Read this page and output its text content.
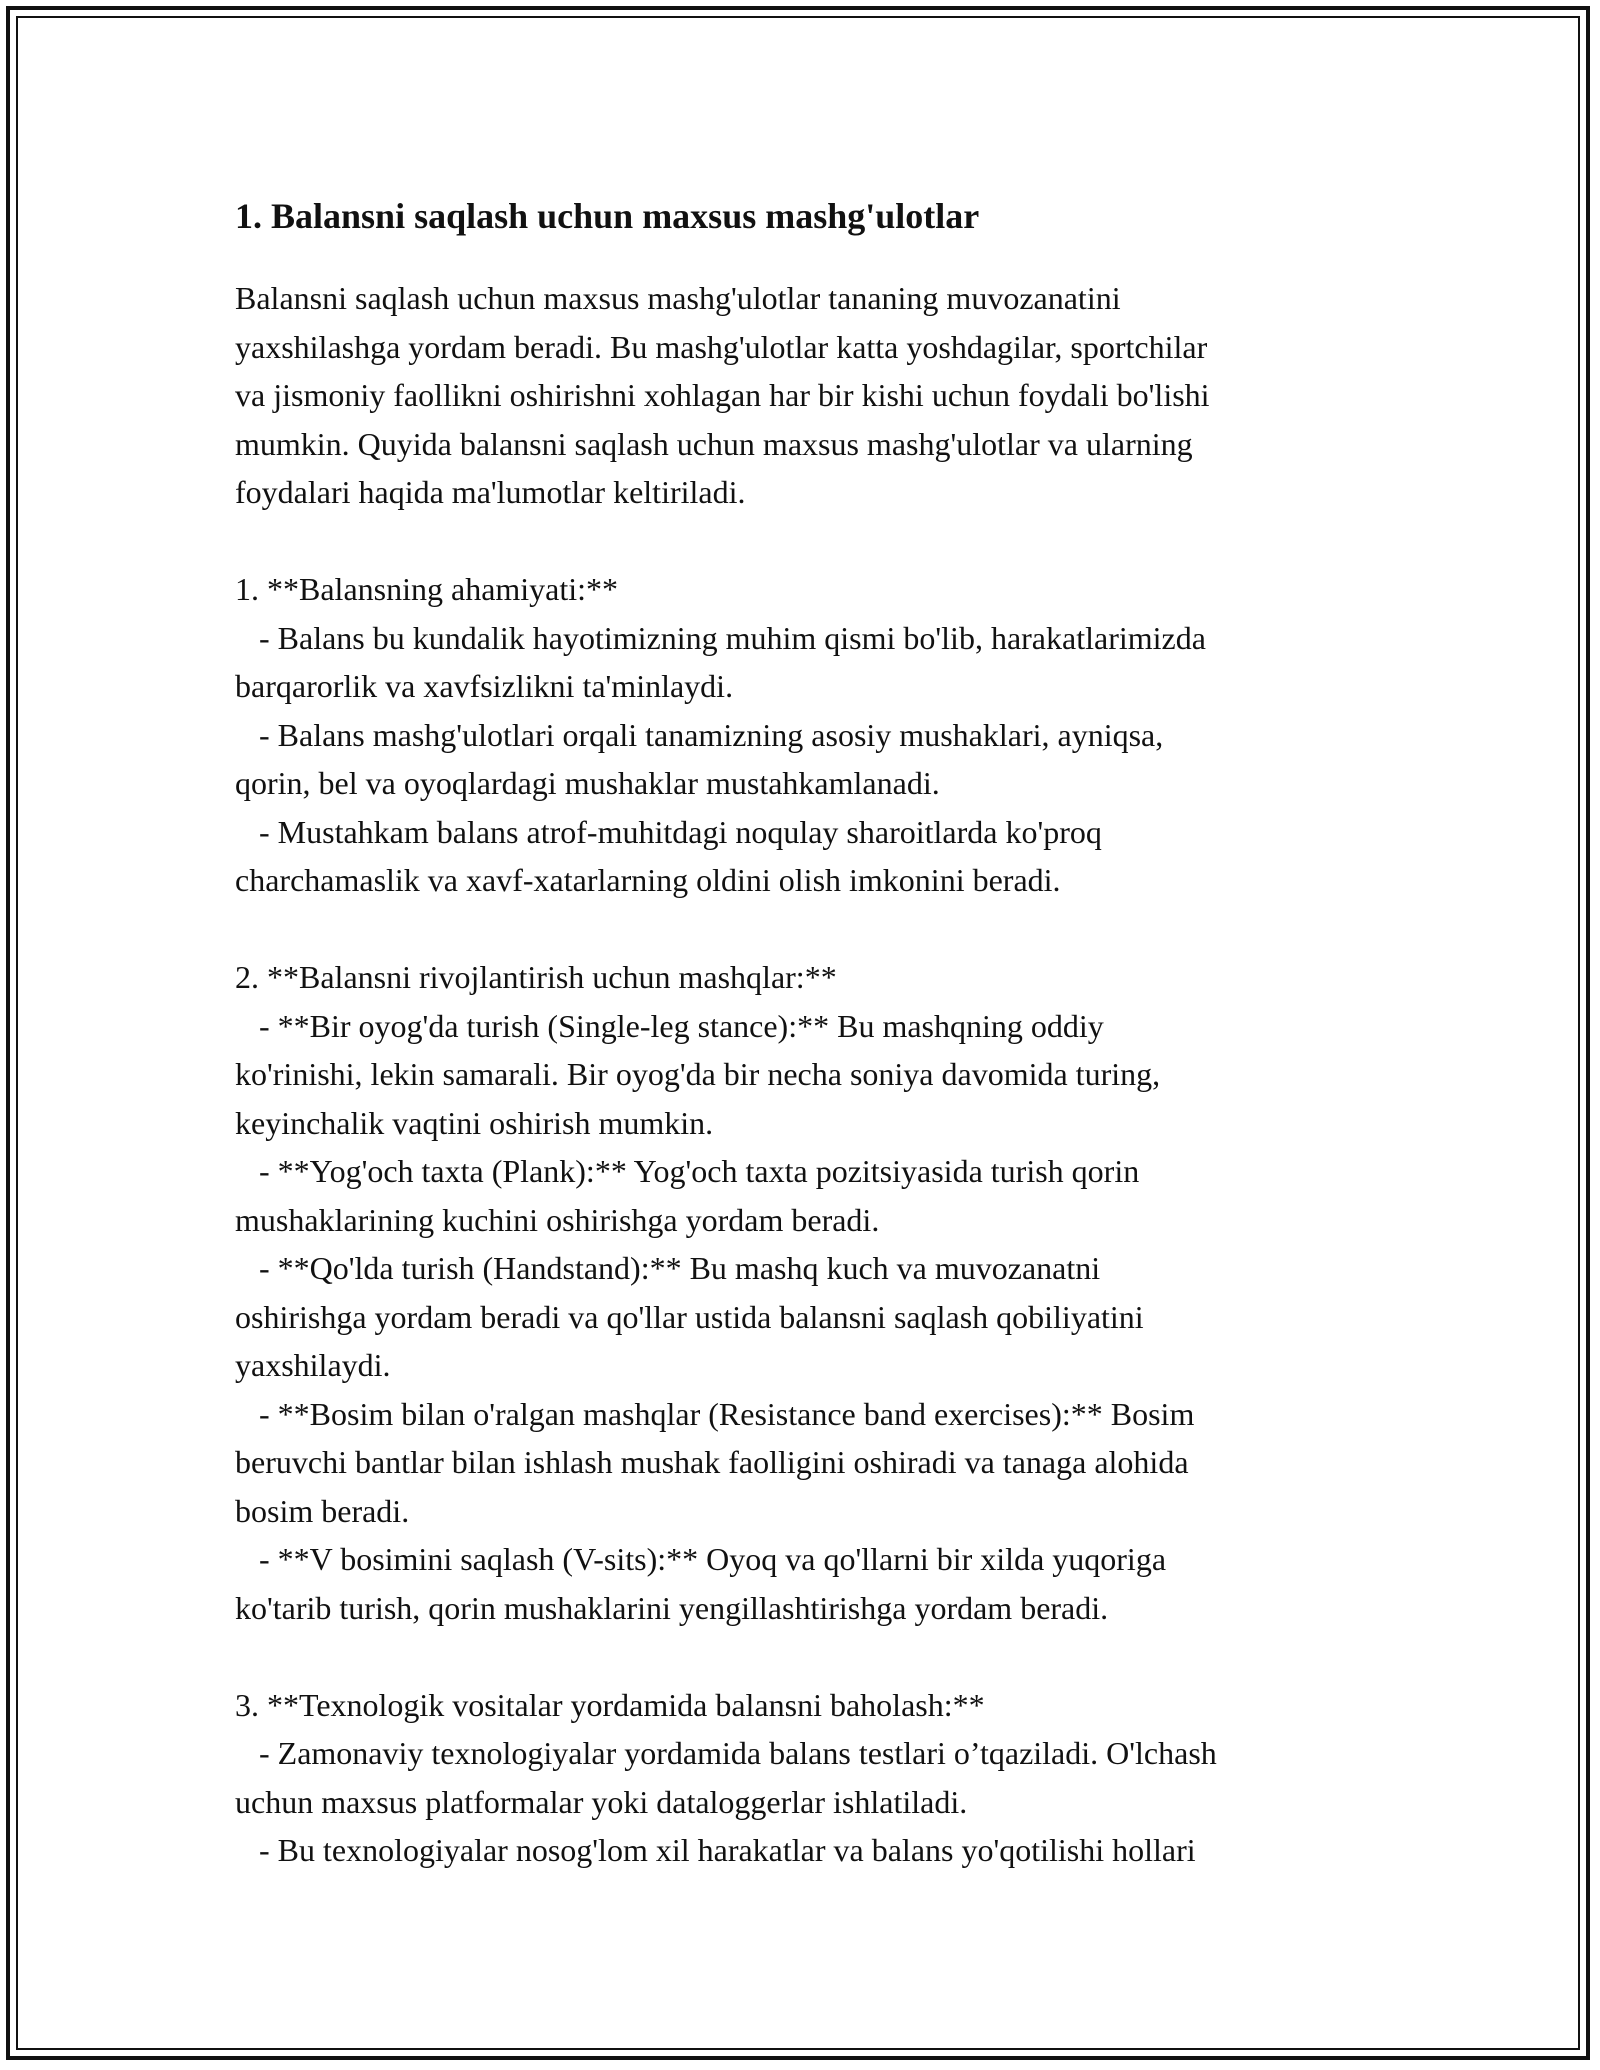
1. Balansni saqlash uchun maxsus mashg'ulotlar
Balansni saqlash uchun maxsus mashg'ulotlar tananing muvozanatini
yaxshilashga yordam beradi. Bu mashg'ulotlar katta yoshdagilar, sportchilar
va jismoniy faollikni oshirishni xohlagan har bir kishi uchun foydali bo'lishi
mumkin. Quyida balansni saqlash uchun maxsus mashg'ulotlar va ularning
foydalari haqida ma'lumotlar keltiriladi.
1. **Balansning ahamiyati:**
- Balans bu kundalik hayotimizning muhim qismi bo'lib, harakatlarimizda
barqarorlik va xavfsizlikni ta'minlaydi.
- Balans mashg'ulotlari orqali tanamizning asosiy mushaklari, ayniqsa,
qorin, bel va oyoqlardagi mushaklar mustahkamlanadi.
- Mustahkam balans atrof-muhitdagi noqulay sharoitlarda ko'proq
charchamaslik va xavf-xatarlarning oldini olish imkonini beradi.
2. **Balansni rivojlantirish uchun mashqlar:**
- **Bir oyog'da turish (Single-leg stance):** Bu mashqning oddiy
ko'rinishi, lekin samarali. Bir oyog'da bir necha soniya davomida turing,
keyinchalik vaqtini oshirish mumkin.
- **Yog'och taxta (Plank):** Yog'och taxta pozitsiyasida turish qorin
mushaklarining kuchini oshirishga yordam beradi.
- **Qo'lda turish (Handstand):** Bu mashq kuch va muvozanatni
oshirishga yordam beradi va qo'llar ustida balansni saqlash qobiliyatini
yaxshilaydi.
- **Bosim bilan o'ralgan mashqlar (Resistance band exercises):** Bosim
beruvchi bantlar bilan ishlash mushak faolligini oshiradi va tanaga alohida
bosim beradi.
- **V bosimini saqlash (V-sits):** Oyoq va qo'llarni bir xilda yuqoriga
ko'tarib turish, qorin mushaklarini yengillashtirishga yordam beradi.
3. **Texnologik vositalar yordamida balansni baholash:**
- Zamonaviy texnologiyalar yordamida balans testlari o’tqaziladi. O'lchash
uchun maxsus platformalar yoki dataloggerlar ishlatiladi.
- Bu texnologiyalar nosog'lom xil harakatlar va balans yo'qotilishi hollari
